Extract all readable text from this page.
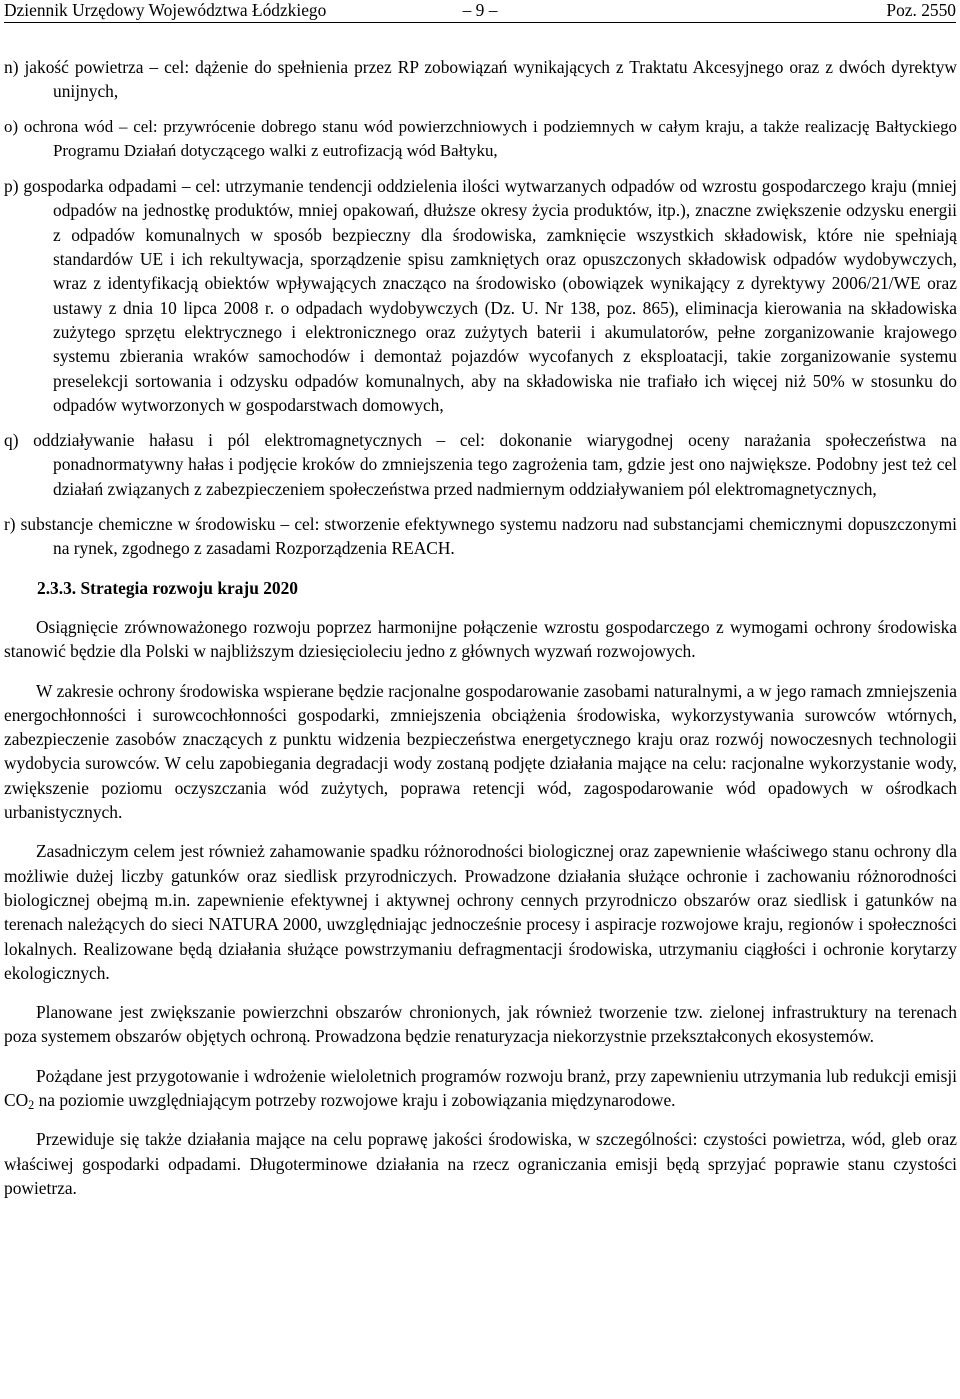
Dziennik Urzędowy Województwa Łódzkiego	– 9 –	Poz. 2550

n) jakość powietrza – cel: dążenie do spełnienia przez RP zobowiązań wynikających z Traktatu Akcesyjnego oraz z dwóch dyrektyw unijnych,

o) ochrona wód – cel: przywrócenie dobrego stanu wód powierzchniowych i podziemnych w całym kraju, a także realizację Bałtyckiego Programu Działań dotyczącego walki z eutrofizacją wód Bałtyku,

p) gospodarka odpadami – cel: utrzymanie tendencji oddzielenia ilości wytwarzanych odpadów od wzrostu gospodarczego kraju (mniej odpadów na jednostkę produktów, mniej opakowań, dłuższe okresy życia produktów, itp.), znaczne zwiększenie odzysku energii z odpadów komunalnych w sposób bezpieczny dla środowiska, zamknięcie wszystkich składowisk, które nie spełniają standardów UE i ich rekultywacja, sporządzenie spisu zamkniętych oraz opuszczonych składowisk odpadów wydobywczych, wraz z identyfikacją obiektów wpływających znacząco na środowisko (obowiązek wynikający z dyrektywy 2006/21/WE oraz ustawy z dnia 10 lipca 2008 r. o odpadach wydobywczych (Dz. U. Nr 138, poz. 865), eliminacja kierowania na składowiska zużytego sprzętu elektrycznego i elektronicznego oraz zużytych baterii i akumulatorów, pełne zorganizowanie krajowego systemu zbierania wraków samochodów i demontaż pojazdów wycofanych z eksploatacji, takie zorganizowanie systemu preselekcji sortowania i odzysku odpadów komunalnych, aby na składowiska nie trafiało ich więcej niż 50% w stosunku do odpadów wytworzonych w gospodarstwach domowych,

q) oddziaływanie hałasu i pól elektromagnetycznych – cel: dokonanie wiarygodnej oceny narażania społeczeństwa na ponadnormatywny hałas i podjęcie kroków do zmniejszenia tego zagrożenia tam, gdzie jest ono największe. Podobny jest też cel działań związanych z zabezpieczeniem społeczeństwa przed nadmiernym oddziaływaniem pól elektromagnetycznych,

r) substancje chemiczne w środowisku – cel: stworzenie efektywnego systemu nadzoru nad substancjami chemicznymi dopuszczonymi na rynek, zgodnego z zasadami Rozporządzenia REACH.

2.3.3. Strategia rozwoju kraju 2020

Osiągnięcie zrównoważonego rozwoju poprzez harmonijne połączenie wzrostu gospodarczego z wymogami ochrony środowiska stanowić będzie dla Polski w najbliższym dziesięcioleciu jedno z głównych wyzwań rozwojowych.

W zakresie ochrony środowiska wspierane będzie racjonalne gospodarowanie zasobami naturalnymi, a w jego ramach zmniejszenia energochłonności i surowcochłonności gospodarki, zmniejszenia obciążenia środowiska, wykorzystywania surowców wtórnych, zabezpieczenie zasobów znaczących z punktu widzenia bezpieczeństwa energetycznego kraju oraz rozwój nowoczesnych technologii wydobycia surowców. W celu zapobiegania degradacji wody zostaną podjęte działania mające na celu: racjonalne wykorzystanie wody, zwiększenie poziomu oczyszczania wód zużytych, poprawa retencji wód, zagospodarowanie wód opadowych w ośrodkach urbanistycznych.

Zasadniczym celem jest również zahamowanie spadku różnorodności biologicznej oraz zapewnienie właściwego stanu ochrony dla możliwie dużej liczby gatunków oraz siedlisk przyrodniczych. Prowadzone działania służące ochronie i zachowaniu różnorodności biologicznej obejmą m.in. zapewnienie efektywnej i aktywnej ochrony cennych przyrodniczo obszarów oraz siedlisk i gatunków na terenach należących do sieci NATURA 2000, uwzględniając jednocześnie procesy i aspiracje rozwojowe kraju, regionów i społeczności lokalnych. Realizowane będą działania służące powstrzymaniu defragmentacji środowiska, utrzymaniu ciągłości i ochronie korytarzy ekologicznych.

Planowane jest zwiększanie powierzchni obszarów chronionych, jak również tworzenie tzw. zielonej infrastruktury na terenach poza systemem obszarów objętych ochroną. Prowadzona będzie renaturyzacja niekorzystnie przekształconych ekosystemów.

Pożądane jest przygotowanie i wdrożenie wieloletnich programów rozwoju branż, przy zapewnieniu utrzymania lub redukcji emisji $CO_2$ na poziomie uwzględniającym potrzeby rozwojowe kraju i zobowiązania międzynarodowe.

Przewiduje się także działania mające na celu poprawę jakości środowiska, w szczególności: czystości powietrza, wód, gleb oraz właściwej gospodarki odpadami. Długoterminowe działania na rzecz ograniczania emisji będą sprzyjać poprawie stanu czystości powietrza.
